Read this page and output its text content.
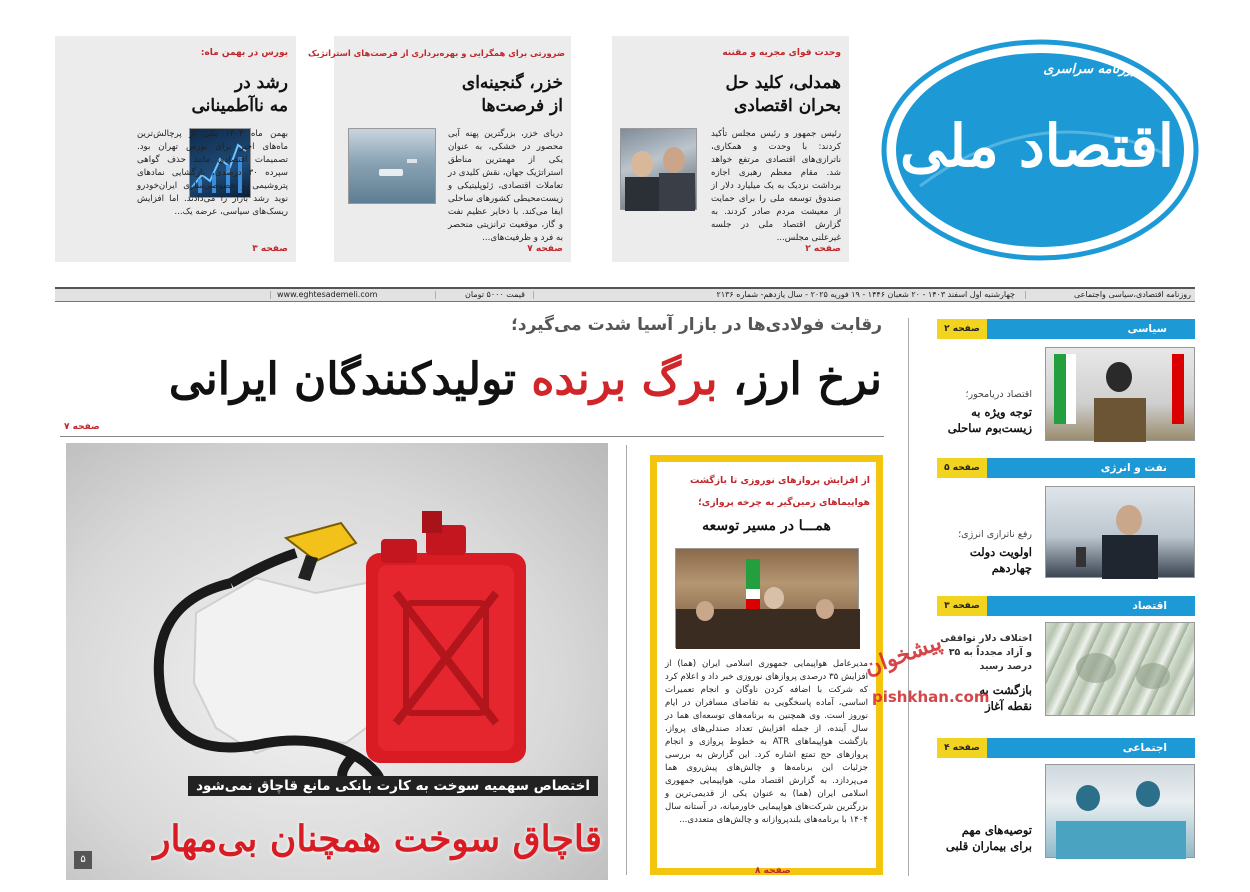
روزنامه سراسری
اقتصاد ملی
وحدت قوای مجریه و مقننه
همدلی، کلید حل
بحران اقتصادی
رئیس جمهور و رئیس مجلس تأکید کردند: با وحدت و همکاری، ناترازی‌های اقتصادی مرتفع خواهد شد. مقام معظم رهبری اجازه برداشت نزدیک به یک میلیارد دلار از صندوق توسعه ملی را برای حمایت از معیشت مردم صادر کردند. به گزارش اقتصاد ملی در جلسه غیرعلنی مجلس...
صفحه ۲
ضرورتی برای همگرایی و بهره‌برداری از فرصت‌های استراتژیک
خزر، گنجینه‌ای
از فرصت‌ها
دریای خزر، بزرگترین پهنه آبی محصور در خشکی، به عنوان یکی از مهمترین مناطق استراتژیک جهان، نقش کلیدی در تعاملات اقتصادی، ژئوپلیتیکی و زیست‌محیطی کشورهای ساحلی ایفا می‌کند. با ذخایر عظیم نفت و گاز، موقعیت ترانزیتی منحصر به فرد و ظرفیت‌های...
صفحه ۷
بورس در بهمن ماه:
رشد در
مه ناآطمینانی
بهمن ماه ۱۴۰۳ یکی از پرچالش‌ترین ماه‌های اخیر برای بورس تهران بود. تصمیمات اقتصادی مانند حذف گواهی سپرده ۳۰ درصدی، بازگشایی نمادهای پتروشیمی و خصوصی‌سازی ایران‌خودرو نوید رشد بازار را می‌دادند. اما افزایش ریسک‌های سیاسی، عرضه یک...
صفحه ۳
روزنامه اقتصادی،سیاسی واجتماعی
|
چهارشنبه اول اسفند ۱۴۰۳ - ۲۰ شعبان ۱۴۴۶ - ۱۹ فوریه ۲۰۲۵ - سال یازدهم- شماره ۲۱۳۶
|
قیمت ۵۰۰۰ تومان
|
www.eghtesademeli.com
|
رقابت فولادی‌ها در بازار آسیا شدت می‌گیرد؛
نرخ ارز، برگ برنده تولیدکنندگان ایرانی
صفحه ۷
اختصاص سهمیه سوخت به کارت بانکی مانع قاچاق نمی‌شود
قاچاق سوخت همچنان بی‌مهار
۵
از افزایش پروازهای نوروزی تا بازگشت
هواپیماهای زمین‌گیر به چرخه پروازی؛
همـــا در مسیر توسعه
مدیرعامل هواپیمایی جمهوری اسلامی ایران (هما) از افزایش ۳۵ درصدی پروازهای نوروزی خبر داد و اعلام کرد که شرکت با اضافه کردن ناوگان و انجام تعمیرات اساسی، آماده پاسخگویی به تقاضای مسافران در ایام نوروز است. وی همچنین به برنامه‌های توسعه‌ای هما در سال آینده، از جمله افزایش تعداد صندلی‌های پرواز، بازگشت هواپیماهای ATR به خطوط پروازی و انجام پروازهای حج تمتع اشاره کرد. این گزارش به بررسی جزئیات این برنامه‌ها و چالش‌های پیش‌روی هما می‌پردازد. به گزارش اقتصاد ملی، هواپیمایی جمهوری اسلامی ایران (هما) به عنوان یکی از قدیمی‌ترین و بزرگترین شرکت‌های هواپیمایی خاورمیانه، در آستانه سال ۱۴۰۴ با برنامه‌های بلندپروازانه و چالش‌های متعددی...
صفحه ۸
سیاسی
صفحه ۲
اقتصاد دریامحور؛
توجه ویژه به
زیست‌بوم ساحلی
نفت و انرژی
صفحه ۵
رفع ناترازی انرژی؛
اولویت دولت
چهاردهم
اقتصاد
صفحه ۳
اختلاف دلار توافقی
و آزاد مجدداً به ۳۵
درصد رسید
بازگشت به
نقطه آغاز
اجتماعی
صفحه ۴
توصیه‌های مهم
برای بیماران قلبی
پیشخوان
pishkhan.com
